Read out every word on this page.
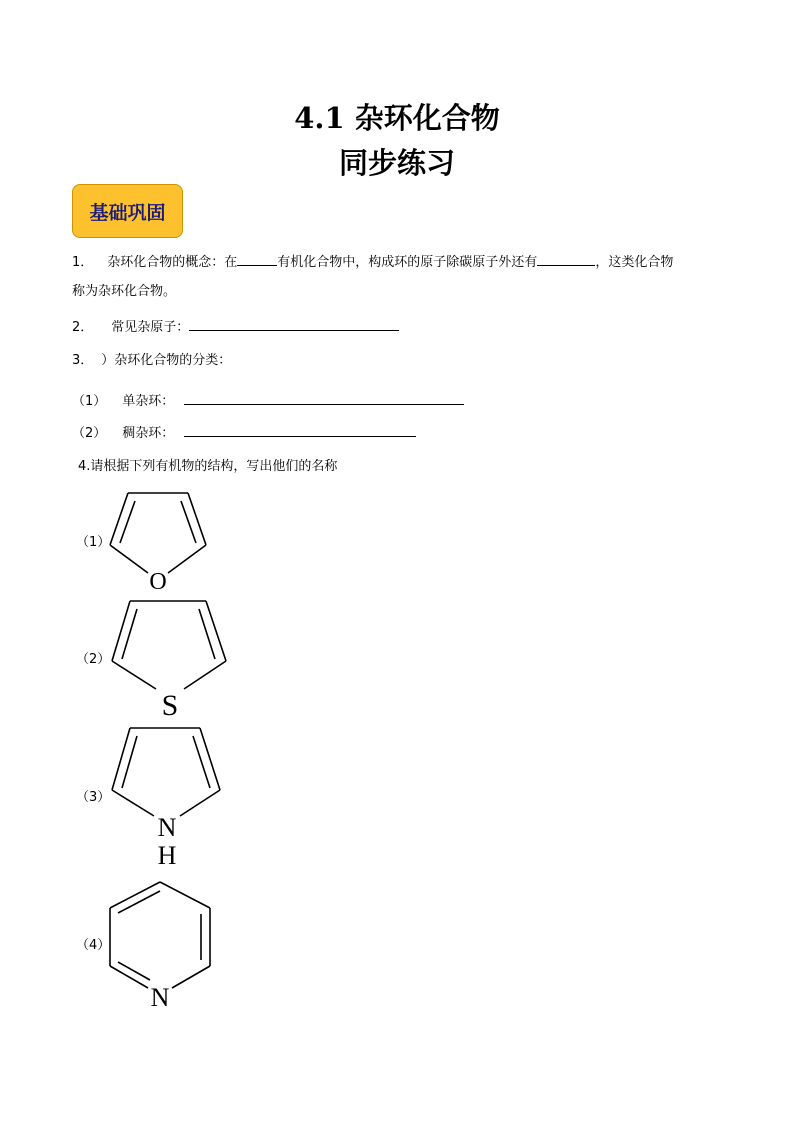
4.1 杂环化合物
同步练习
基础巩固
1． 杂环化合物的概念：在	有机化合物中，构成环的原子除碳原子外还有	，这类化合物
称为杂环化合物。
2． 常见杂原子：
3． ）杂环化合物的分类：
（1） 单杂环：
（2） 稠杂环：
4.请根据下列有机物的结构，写出他们的名称
（1）
O
（2）
S
（3）
N
H
（4）
N
